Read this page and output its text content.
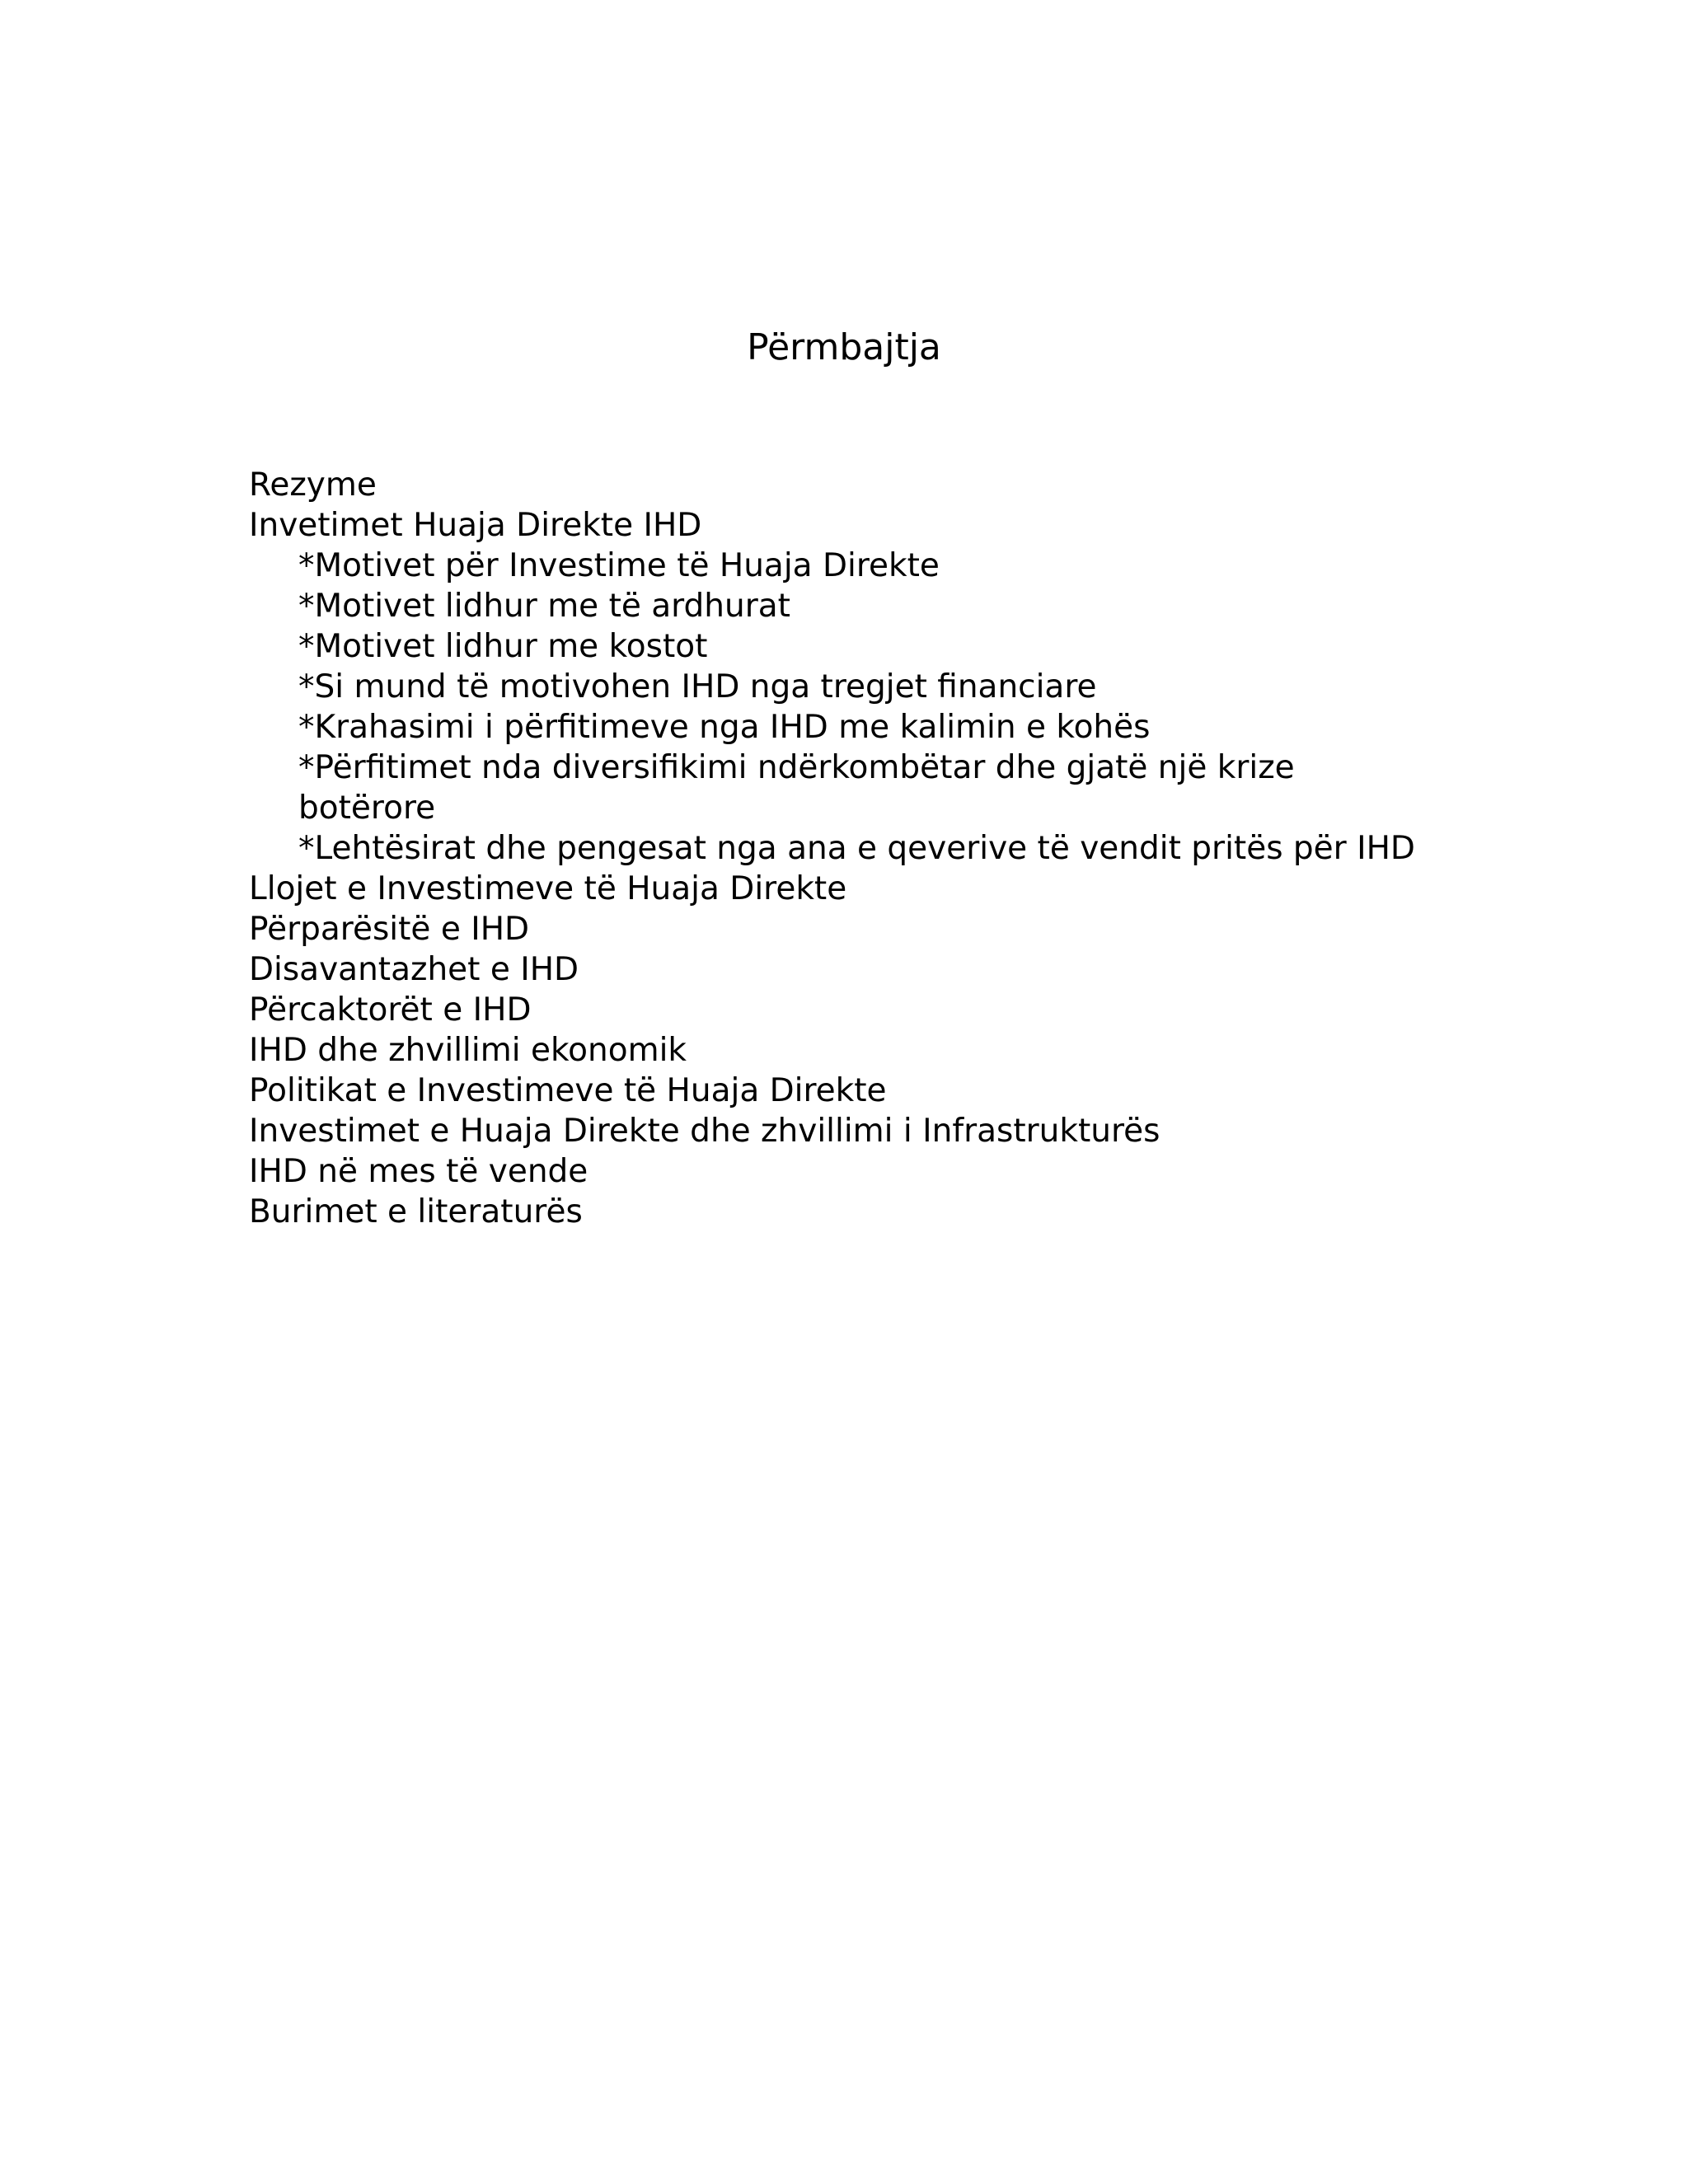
Përmbajtja
Rezyme
Invetimet Huaja Direkte IHD
*Motivet për Investime të Huaja Direkte
*Motivet lidhur me të ardhurat
*Motivet lidhur me kostot
*Si mund të motivohen IHD nga tregjet financiare
*Krahasimi i përfitimeve nga IHD me kalimin e kohës
*Përfitimet nda diversifikimi ndërkombëtar dhe gjatë një krize botërore
*Lehtësirat dhe pengesat nga ana e qeverive të vendit pritës për IHD
Llojet e Investimeve të Huaja Direkte
Përparësitë e IHD
Disavantazhet e IHD
Përcaktorët e IHD
IHD dhe zhvillimi ekonomik
Politikat e Investimeve të Huaja Direkte
Investimet e Huaja Direkte dhe zhvillimi i Infrastrukturës
IHD në mes të vende
Burimet e literaturës
